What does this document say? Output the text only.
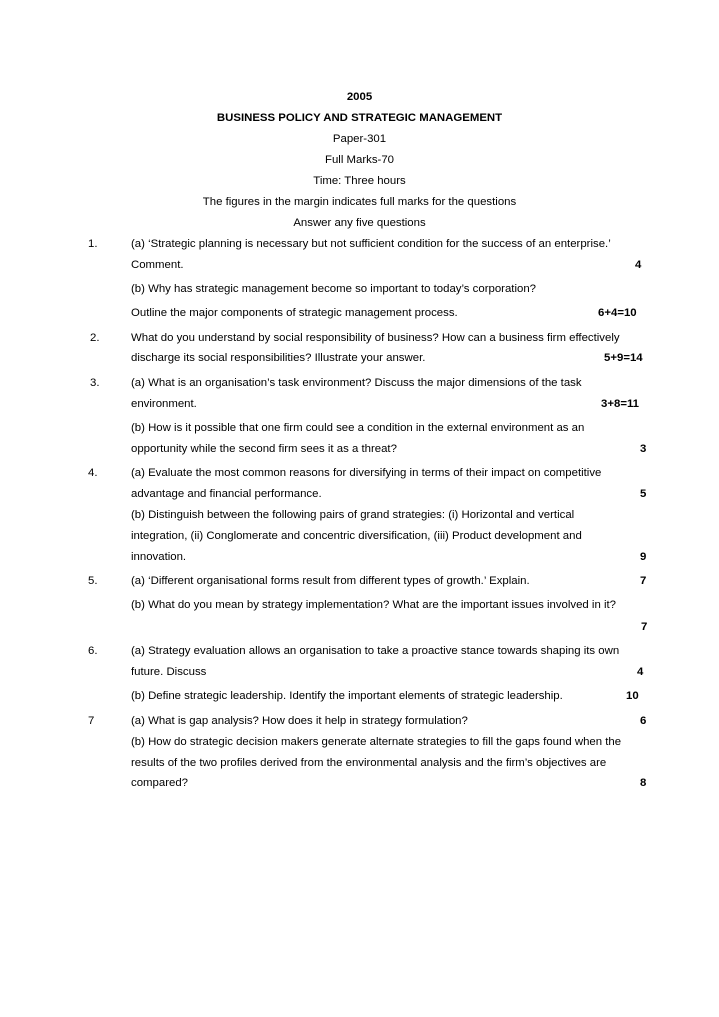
2005
BUSINESS POLICY AND STRATEGIC MANAGEMENT
Paper-301
Full Marks-70
Time: Three hours
The figures in the margin indicates full marks for the questions
Answer any five questions
1.	(a) ‘Strategic planning is necessary but not sufficient condition for the success of an enterprise.’
Comment.	4
(b) Why has strategic management become so important to today’s corporation?
Outline the major components of strategic management process.	6+4=10
2.	What do you understand by social responsibility of business? How can a business firm effectively
discharge its social responsibilities? Illustrate your answer.	5+9=14
3.	(a) What is an organisation’s task environment? Discuss the major dimensions of the task
environment.	3+8=11
(b) How is it possible that one firm could see a condition in the external environment as an
opportunity while the second firm sees it as a threat?	3
4.	(a) Evaluate the most common reasons for diversifying in terms of their impact on competitive
advantage and financial performance.	5
(b) Distinguish between the following pairs of grand strategies: (i) Horizontal and vertical
integration, (ii) Conglomerate and concentric diversification, (iii) Product development and
innovation.	9
5.	(a) ‘Different organisational forms result from different types of growth.’ Explain.	7
(b) What do you mean by strategy implementation? What are the important issues involved in it?
7
6.	(a) Strategy evaluation allows an organisation to take a proactive stance towards shaping its own
future. Discuss	4
(b) Define strategic leadership. Identify the important elements of strategic leadership.	10
7	(a) What is gap analysis? How does it help in strategy formulation?	6
(b) How do strategic decision makers generate alternate strategies to fill the gaps found when the
results of the two profiles derived from the environmental analysis and the firm’s objectives are
compared?	8
